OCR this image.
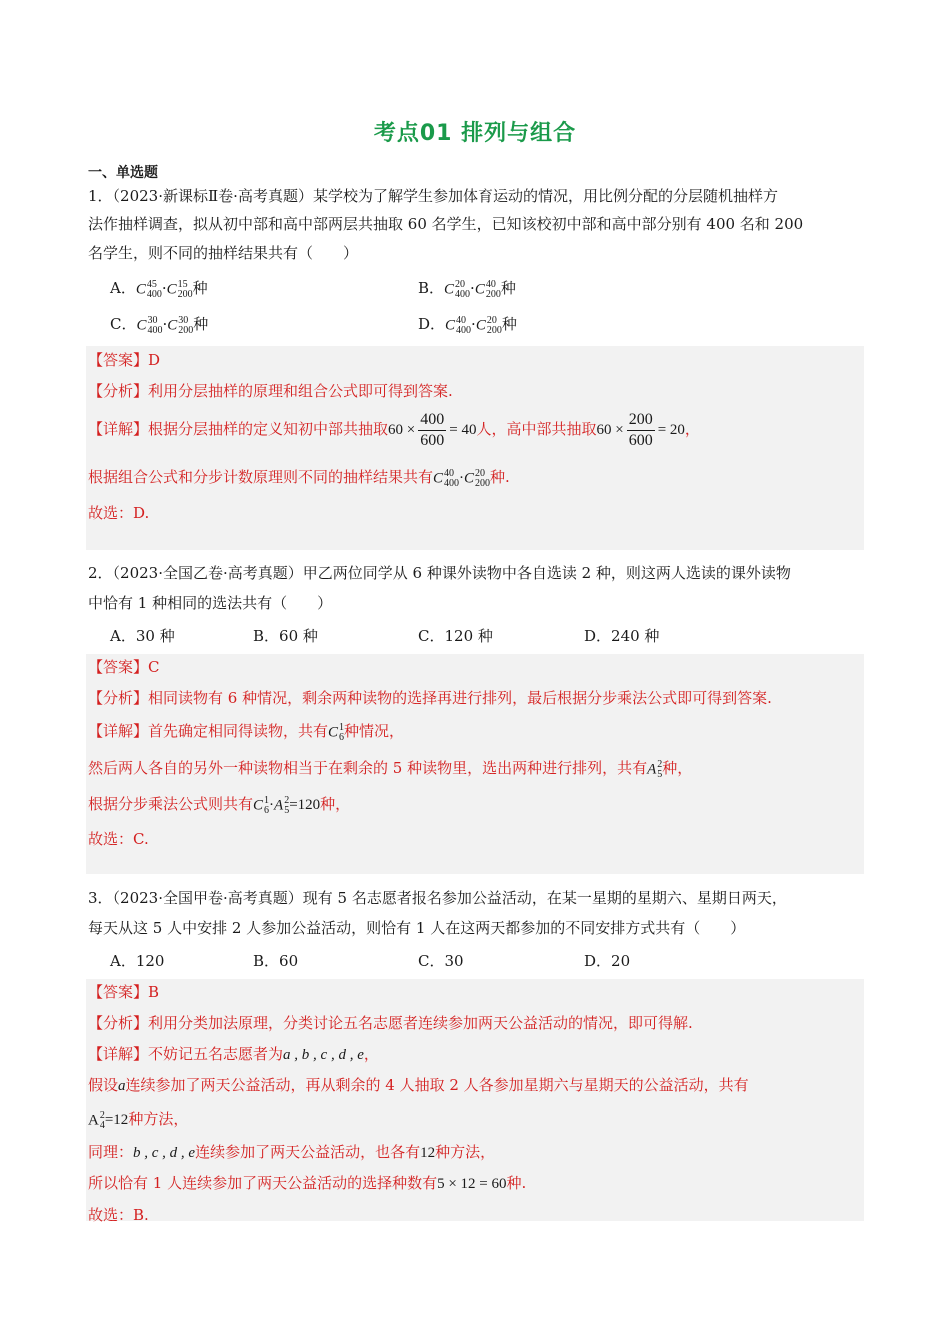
考点01 排列与组合
一、单选题
1．（2023·新课标Ⅱ卷·高考真题）某学校为了解学生参加体育运动的情况，用比例分配的分层随机抽样方
法作抽样调查，拟从初中部和高中部两层共抽取 60 名学生，已知该校初中部和高中部分别有 400 名和 200
名学生，则不同的抽样结果共有（　　）
A．C 45
400 ·C 15
200 种	B．C 20
400 ·C 40
200 种
C．C 30
400 ·C 30
200 种	D．C 40
400 ·C 20
200 种
【答案】D
【分析】利用分层抽样的原理和组合公式即可得到答案.
【详解】根据分层抽样的定义知初中部共抽取$60 \times \frac{400}{600} = 40$人，高中部共抽取$60 \times \frac{200}{600} = 20$，
根据组合公式和分步计数原理则不同的抽样结果共有C 40
400 ·C 20
200 种.
故选：D.
2．（2023·全国乙卷·高考真题）甲乙两位同学从 6 种课外读物中各自选读 2 种，则这两人选读的课外读物
中恰有 1 种相同的选法共有（　　）
A．30 种	B．60 种	C．120 种	D．240 种
【答案】C
【分析】相同读物有 6 种情况，剩余两种读物的选择再进行排列，最后根据分步乘法公式即可得到答案.
【详解】首先确定相同得读物，共有C 1
6 种情况，
然后两人各自的另外一种读物相当于在剩余的 5 种读物里，选出两种进行排列，共有A 2
5 种，
根据分步乘法公式则共有C 1
6 ·A 2
5 =120种，
故选：C.
3．（2023·全国甲卷·高考真题）现有 5 名志愿者报名参加公益活动，在某一星期的星期六、星期日两天，
每天从这 5 人中安排 2 人参加公益活动，则恰有 1 人在这两天都参加的不同安排方式共有（　　）
A．120	B．60	C．30	D．20
【答案】B
【分析】利用分类加法原理，分类讨论五名志愿者连续参加两天公益活动的情况，即可得解.
【详解】不妨记五名志愿者为a , b , c , d , e，
假设a连续参加了两天公益活动，再从剩余的 4 人抽取 2 人各参加星期六与星期天的公益活动，共有
A 2
4 =12种方法，
同理：b , c , d , e连续参加了两天公益活动，也各有12种方法，
所以恰有 1 人连续参加了两天公益活动的选择种数有5 × 12 = 60种.
故选：B.
